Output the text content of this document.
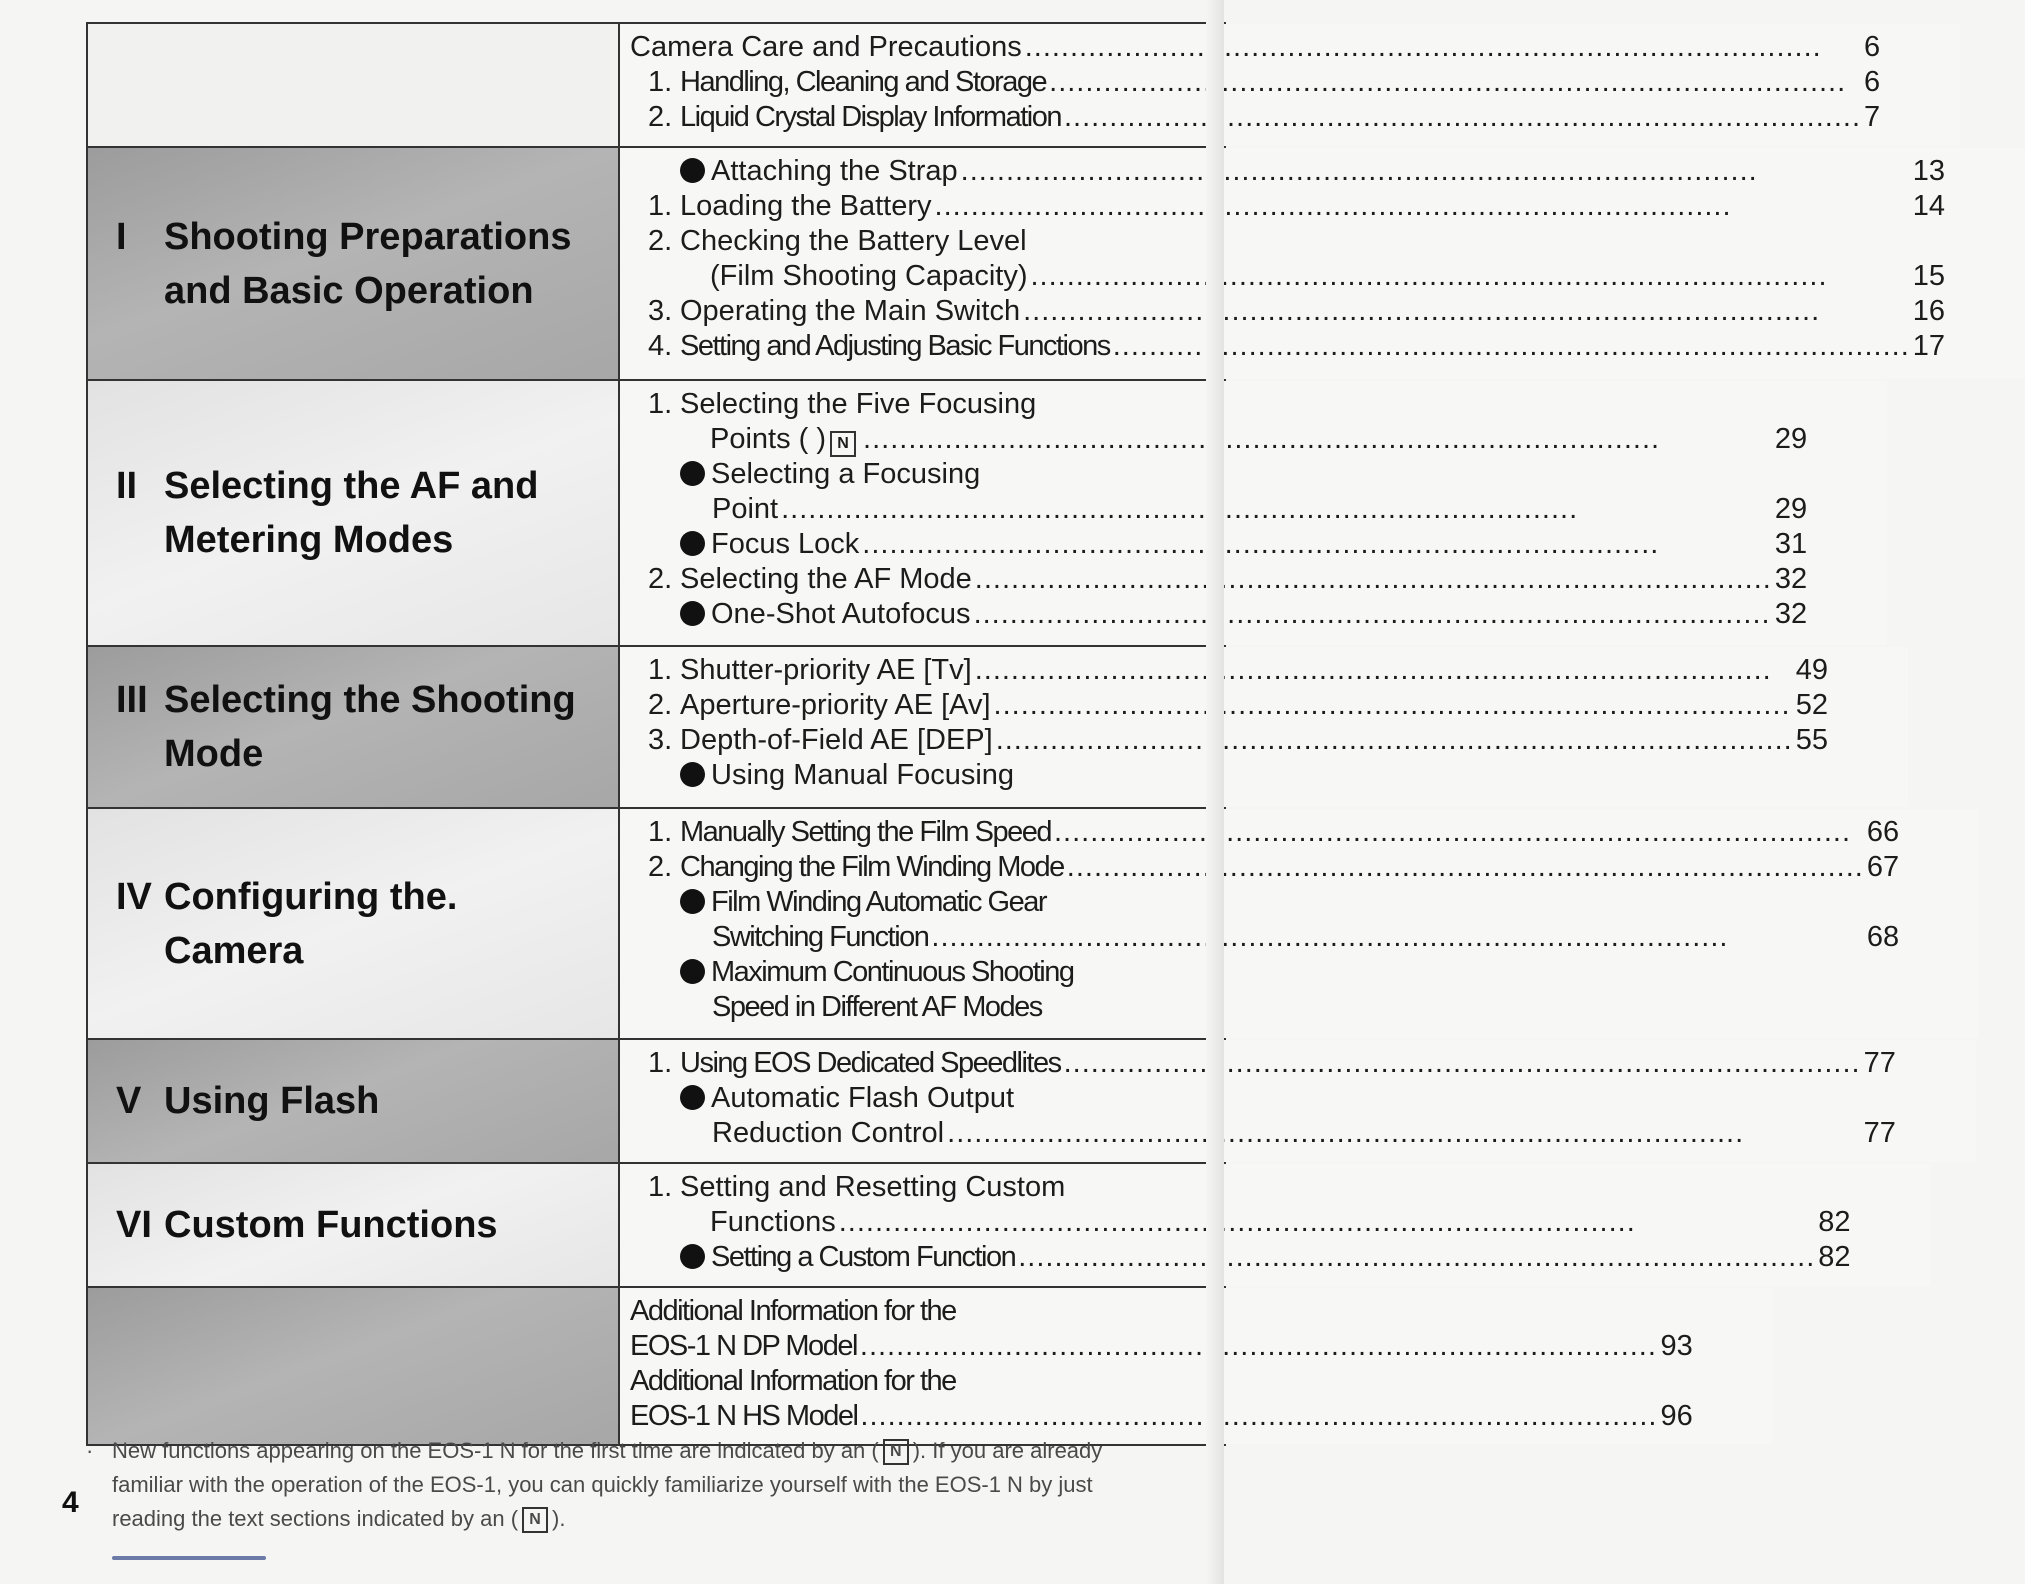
Camera Care and Precautions .....	6
1. Handling, Cleaning and Storage .....	6
2. Liquid Crystal Display Information .....	7
I Shooting Preparations
and Basic Operation
Attaching the Strap .....	13
1. Loading the Battery .....	14
2. Checking the Battery Level
(Film Shooting Capacity) .....	15
3. Operating the Main Switch .....	16
4. Setting and Adjusting Basic Functions .....	17
II Selecting the AF and
Metering Modes
1. Selecting the Five Focusing
Points ( ) N .....	29
Selecting a Focusing
Point .....	29
Focus Lock .....	31
2. Selecting the AF Mode .....	32
One-Shot Autofocus .....	32
III Selecting the Shooting
Mode
1. Shutter-priority AE [Tv] .....	49
2. Aperture-priority AE [Av] .....	52
3. Depth-of-Field AE [DEP] .....	55
Using Manual Focusing
IV Configuring the.
Camera
1. Manually Setting the Film Speed .....	66
2. Changing the Film Winding Mode .....	67
Film Winding Automatic Gear
Switching Function .....	68
Maximum Continuous Shooting
Speed in Different AF Modes
V Using Flash
1. Using EOS Dedicated Speedlites .....	77
Automatic Flash Output
Reduction Control .....	77
VI Custom Functions
1. Setting and Resetting Custom
Functions .....	82
Setting a Custom Function .....	82
Additional Information for the
EOS-1 N DP Model .....	93
Additional Information for the
EOS-1 N HS Model .....	96
· New functions appearing on the EOS-1 N for the first time are indicated by an ( N ). If you are already familiar with the operation of the EOS-1, you can quickly familiarize yourself with the EOS-1 N by just reading the text sections indicated by an ( N ).

4
